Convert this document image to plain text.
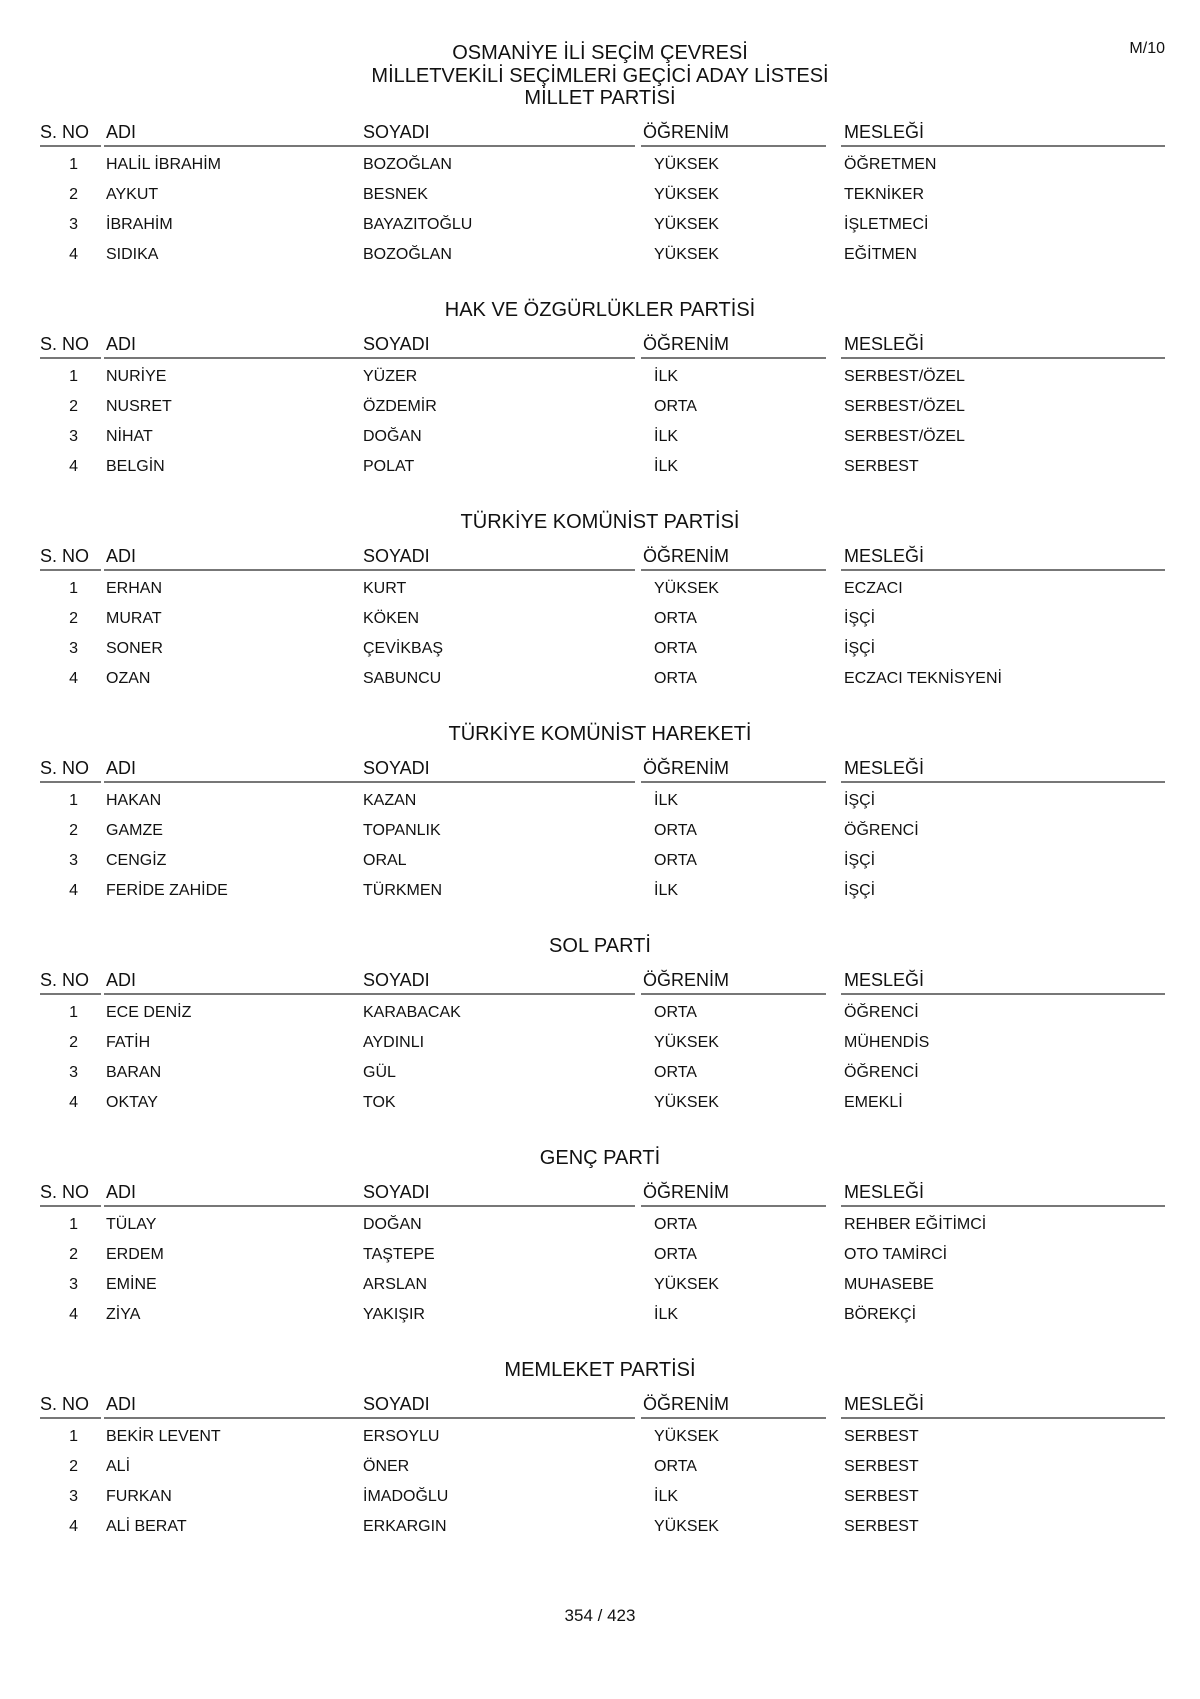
M/10
OSMANİYE İLİ SEÇİM ÇEVRESİ
MİLLETVEKİLİ SEÇİMLERİ GEÇİCİ ADAY LİSTESİ
MİLLET PARTİSİ
S. NO ADI	SOYADI	ÖĞRENİM	MESLEĞİ
1 HALİL İBRAHİM	BOZOĞLAN	YÜKSEK	ÖĞRETMEN
2 AYKUT	BESNEK	YÜKSEK	TEKNİKER
3 İBRAHİM	BAYAZITOĞLU	YÜKSEK	İŞLETMECİ
4 SIDIKA	BOZOĞLAN	YÜKSEK	EĞİTMEN
HAK VE ÖZGÜRLÜKLER PARTİSİ
S. NO ADI	SOYADI	ÖĞRENİM	MESLEĞİ
1 NURİYE	YÜZER	İLK	SERBEST/ÖZEL
2 NUSRET	ÖZDEMİR	ORTA	SERBEST/ÖZEL
3 NİHAT	DOĞAN	İLK	SERBEST/ÖZEL
4 BELGİN	POLAT	İLK	SERBEST
TÜRKİYE KOMÜNİST PARTİSİ
S. NO ADI	SOYADI	ÖĞRENİM	MESLEĞİ
1 ERHAN	KURT	YÜKSEK	ECZACI
2 MURAT	KÖKEN	ORTA	İŞÇİ
3 SONER	ÇEVİKBAŞ	ORTA	İŞÇİ
4 OZAN	SABUNCU	ORTA	ECZACI TEKNİSYENİ
TÜRKİYE KOMÜNİST HAREKETİ
S. NO ADI	SOYADI	ÖĞRENİM	MESLEĞİ
1 HAKAN	KAZAN	İLK	İŞÇİ
2 GAMZE	TOPANLIK	ORTA	ÖĞRENCİ
3 CENGİZ	ORAL	ORTA	İŞÇİ
4 FERİDE ZAHİDE	TÜRKMEN	İLK	İŞÇİ
SOL PARTİ
S. NO ADI	SOYADI	ÖĞRENİM	MESLEĞİ
1 ECE DENİZ	KARABACAK	ORTA	ÖĞRENCİ
2 FATİH	AYDINLI	YÜKSEK	MÜHENDİS
3 BARAN	GÜL	ORTA	ÖĞRENCİ
4 OKTAY	TOK	YÜKSEK	EMEKLİ
GENÇ PARTİ
S. NO ADI	SOYADI	ÖĞRENİM	MESLEĞİ
1 TÜLAY	DOĞAN	ORTA	REHBER EĞİTİMCİ
2 ERDEM	TAŞTEPE	ORTA	OTO TAMİRCİ
3 EMİNE	ARSLAN	YÜKSEK	MUHASEBE
4 ZİYA	YAKIŞIR	İLK	BÖREKÇİ
MEMLEKET PARTİSİ
S. NO ADI	SOYADI	ÖĞRENİM	MESLEĞİ
1 BEKİR LEVENT	ERSOYLU	YÜKSEK	SERBEST
2 ALİ	ÖNER	ORTA	SERBEST
3 FURKAN	İMADOĞLU	İLK	SERBEST
4 ALİ BERAT	ERKARGIN	YÜKSEK	SERBEST
354 / 423
